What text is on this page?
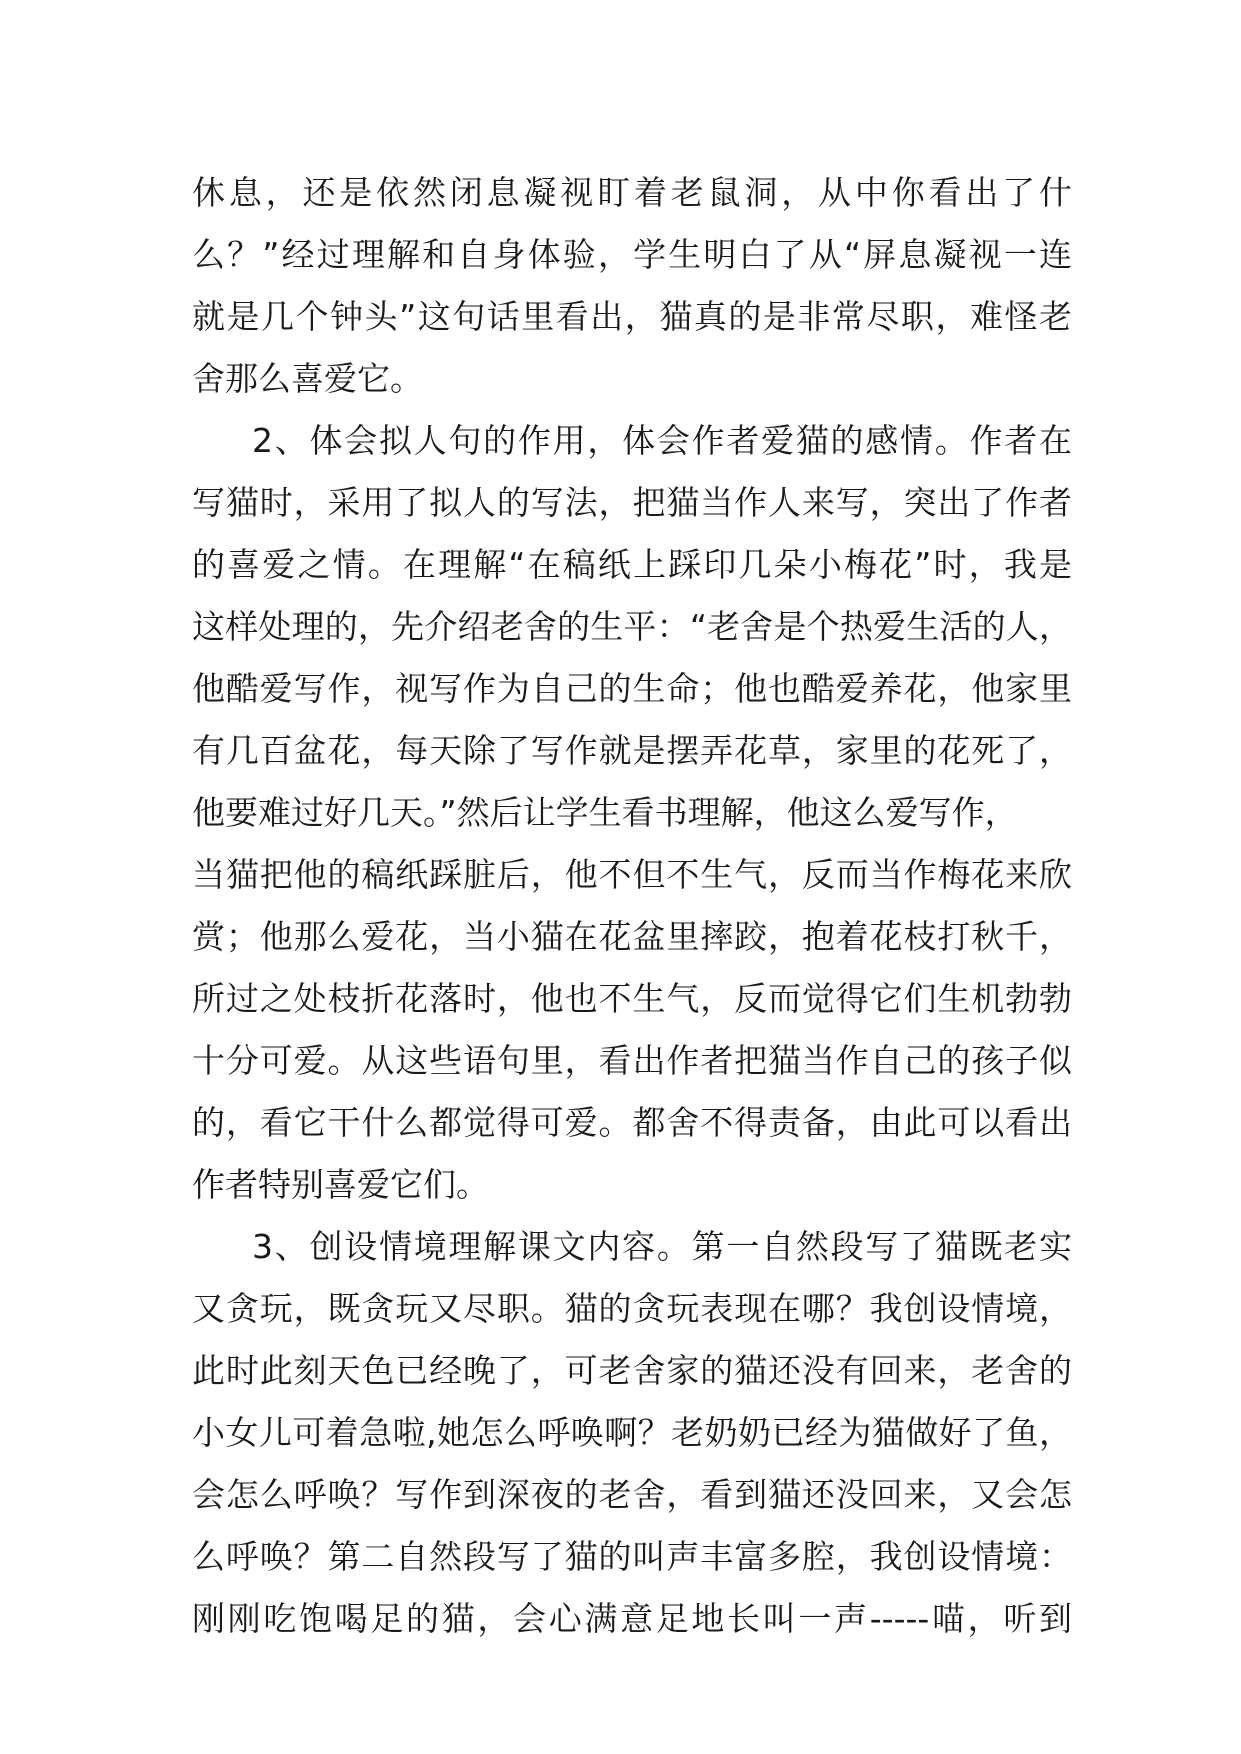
休息，还是依然闭息凝视盯着老鼠洞，从中你看出了什
么？”经过理解和自身体验，学生明白了从“屏息凝视一连
就是几个钟头”这句话里看出，猫真的是非常尽职，难怪老
舍那么喜爱它。
2、体会拟人句的作用，体会作者爱猫的感情。作者在
写猫时，采用了拟人的写法，把猫当作人来写，突出了作者
的喜爱之情。在理解“在稿纸上踩印几朵小梅花”时，我是
这样处理的，先介绍老舍的生平：“老舍是个热爱生活的人，
他酷爱写作，视写作为自己的生命；他也酷爱养花，他家里
有几百盆花，每天除了写作就是摆弄花草，家里的花死了，
他要难过好几天。”然后让学生看书理解，他这么爱写作，
当猫把他的稿纸踩脏后，他不但不生气，反而当作梅花来欣
赏；他那么爱花，当小猫在花盆里摔跤，抱着花枝打秋千，
所过之处枝折花落时，他也不生气，反而觉得它们生机勃勃
十分可爱。从这些语句里，看出作者把猫当作自己的孩子似
的，看它干什么都觉得可爱。都舍不得责备，由此可以看出
作者特别喜爱它们。
3、创设情境理解课文内容。第一自然段写了猫既老实
又贪玩，既贪玩又尽职。猫的贪玩表现在哪？我创设情境，
此时此刻天色已经晚了，可老舍家的猫还没有回来，老舍的
小女儿可着急啦,她怎么呼唤啊？老奶奶已经为猫做好了鱼，
会怎么呼唤？写作到深夜的老舍，看到猫还没回来，又会怎
么呼唤？第二自然段写了猫的叫声丰富多腔，我创设情境：
刚刚吃饱喝足的猫，会心满意足地长叫一声-----喵，听到
